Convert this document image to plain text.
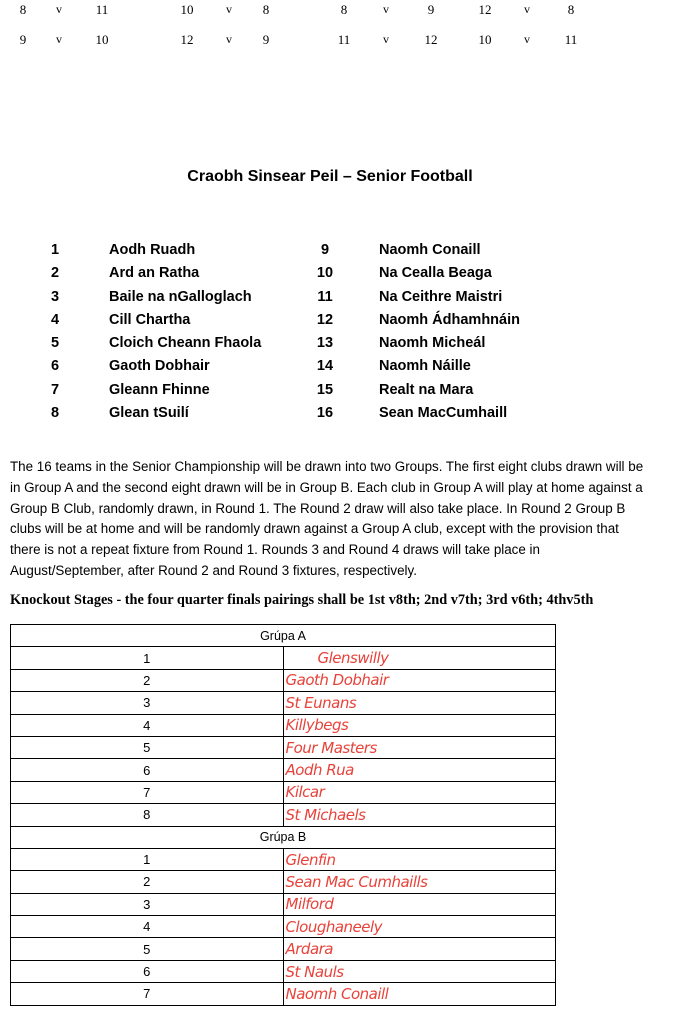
8	v	11	10	v	8	8	v	9	12	v	8
9	v	10	12	v	9	11	v	12	10	v	11
Craobh Sinsear Peil – Senior Football
1	Aodh Ruadh	9	Naomh Conaill
2	Ard an Ratha	10	Na Cealla Beaga
3	Baile na nGalloglach	11	Na Ceithre Maistri
4	Cill Chartha	12	Naomh Ádhamhnáin
5	Cloich Cheann Fhaola	13	Naomh Micheál
6	Gaoth Dobhair	14	Naomh Náille
7	Gleann Fhinne	15	Realt na Mara
8	Glean tSuilí	16	Sean MacCumhaill
The 16 teams in the Senior Championship will be drawn into two Groups. The first eight clubs drawn will be in Group A and the second eight drawn will be in Group B. Each club in Group A will play at home against a Group B Club, randomly drawn, in Round 1. The Round 2 draw will also take place. In Round 2 Group B clubs will be at home and will be randomly drawn against a Group A club, except with the provision that there is not a repeat fixture from Round 1. Rounds 3 and Round 4 draws will take place in August/September, after Round 2 and Round 3 fixtures, respectively.
Knockout Stages - the four quarter finals pairings shall be 1st v8th; 2nd v7th; 3rd v6th; 4thv5th
Grúpa A	
1	Glenswilly
2	Gaoth Dobhair
3	St Eunans
4	Killybegs
5	Four Masters
6	Aodh Rua
7	Kilcar
8	St Michaels
Grúpa B	
1	Glenfin
2	Sean Mac Cumhaills
3	Milford
4	Cloughaneely
5	Ardara
6	St Nauls
7	Naomh Conaill
